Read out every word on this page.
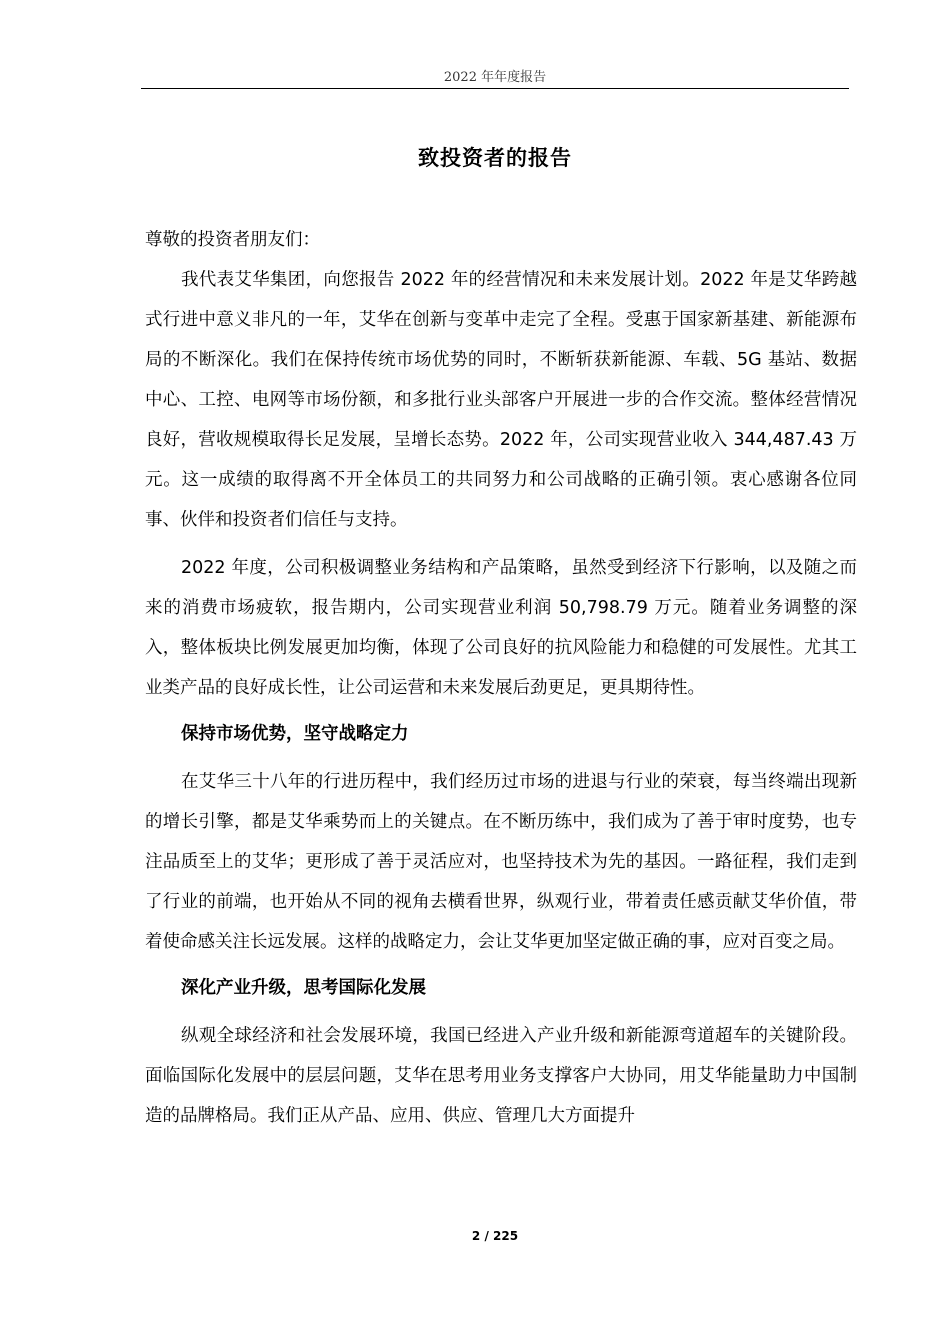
2022 年年度报告
致投资者的报告

尊敬的投资者朋友们：

我代表艾华集团，向您报告 2022 年的经营情况和未来发展计划。2022 年是艾华跨越式行进中意义非凡的一年，艾华在创新与变革中走完了全程。受惠于国家新基建、新能源布局的不断深化。我们在保持传统市场优势的同时，不断斩获新能源、车载、5G 基站、数据中心、工控、电网等市场份额，和多批行业头部客户开展进一步的合作交流。整体经营情况良好，营收规模取得长足发展，呈增长态势。2022 年，公司实现营业收入 344,487.43 万元。这一成绩的取得离不开全体员工的共同努力和公司战略的正确引领。衷心感谢各位同事、伙伴和投资者们信任与支持。

2022 年度，公司积极调整业务结构和产品策略，虽然受到经济下行影响，以及随之而来的消费市场疲软，报告期内，公司实现营业利润 50,798.79 万元。随着业务调整的深入，整体板块比例发展更加均衡，体现了公司良好的抗风险能力和稳健的可发展性。尤其工业类产品的良好成长性，让公司运营和未来发展后劲更足，更具期待性。

保持市场优势，坚守战略定力

在艾华三十八年的行进历程中，我们经历过市场的进退与行业的荣衰，每当终端出现新的增长引擎，都是艾华乘势而上的关键点。在不断历练中，我们成为了善于审时度势，也专注品质至上的艾华；更形成了善于灵活应对，也坚持技术为先的基因。一路征程，我们走到了行业的前端，也开始从不同的视角去横看世界，纵观行业，带着责任感贡献艾华价值，带着使命感关注长远发展。这样的战略定力，会让艾华更加坚定做正确的事，应对百变之局。

深化产业升级，思考国际化发展

纵观全球经济和社会发展环境，我国已经进入产业升级和新能源弯道超车的关键阶段。面临国际化发展中的层层问题，艾华在思考用业务支撑客户大协同，用艾华能量助力中国制造的品牌格局。我们正从产品、应用、供应、管理几大方面提升

2 / 225
